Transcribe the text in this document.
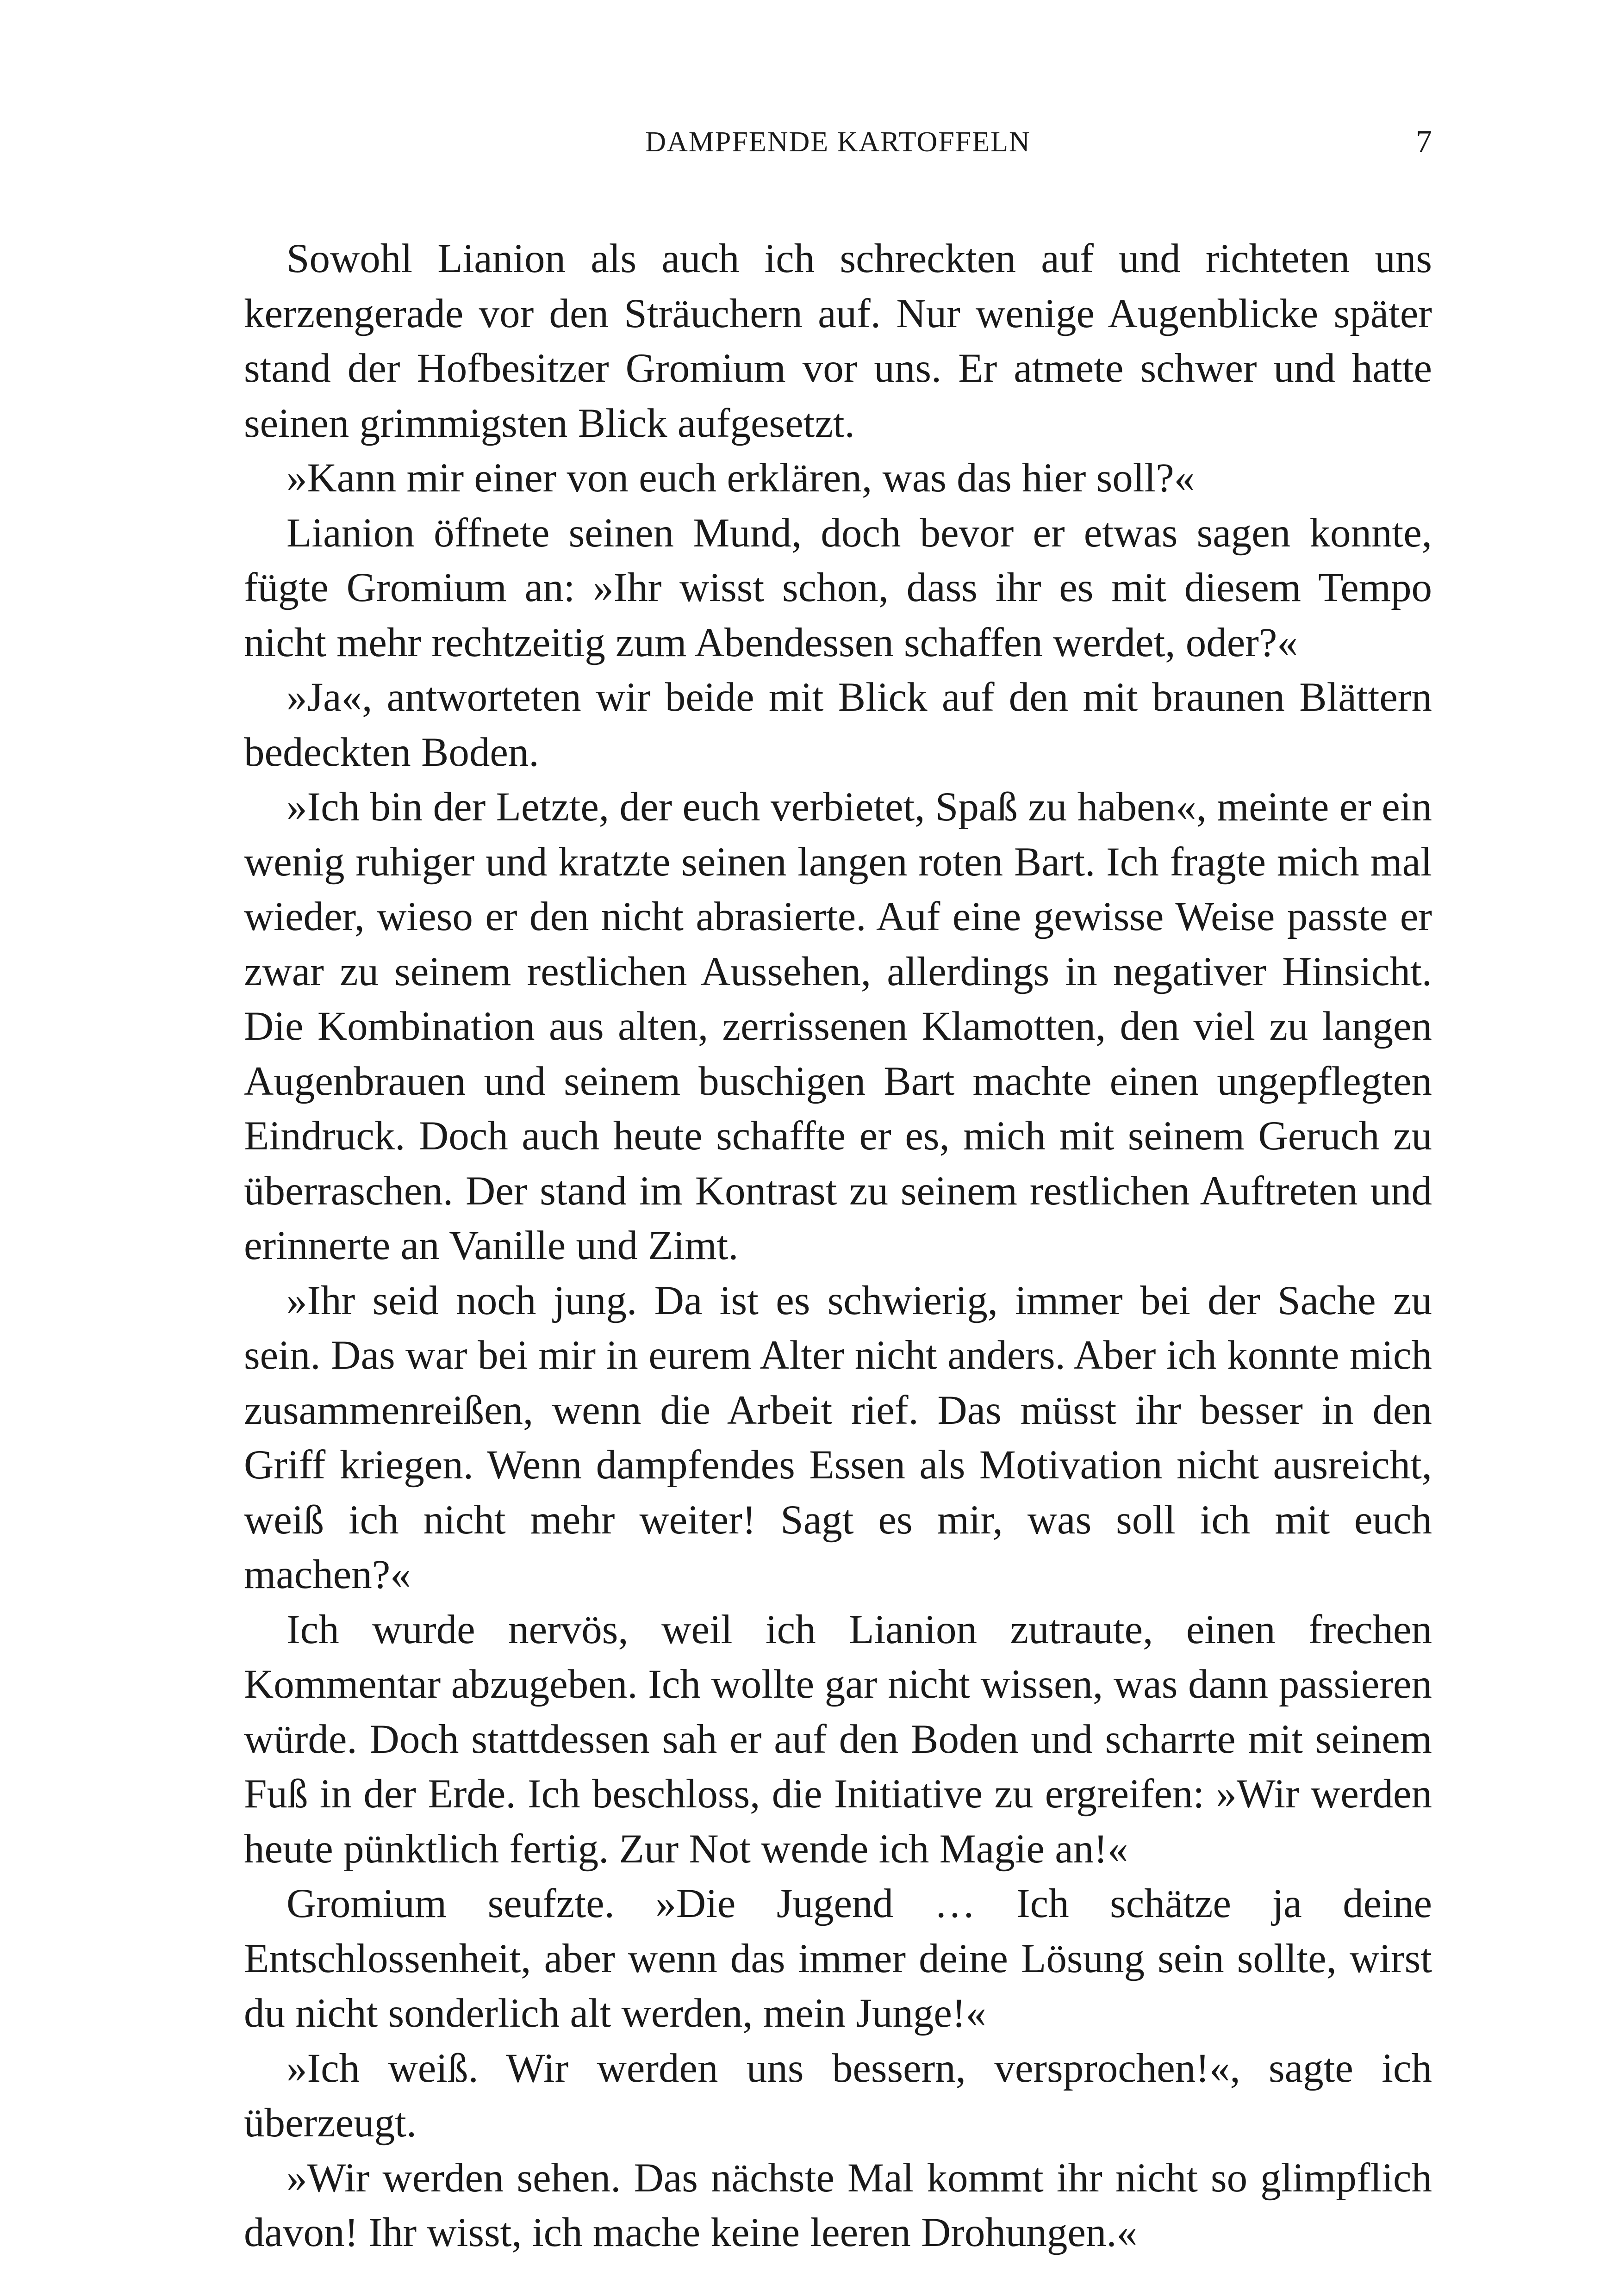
DAMPFENDE KARTOFFELN	7

Sowohl Lianion als auch ich schreckten auf und richteten uns kerzengerade vor den Sträuchern auf. Nur wenige Augenblicke später stand der Hofbesitzer Gromium vor uns. Er atmete schwer und hatte seinen grimmigsten Blick aufgesetzt.

»Kann mir einer von euch erklären, was das hier soll?«

Lianion öffnete seinen Mund, doch bevor er etwas sagen konnte, fügte Gromium an: »Ihr wisst schon, dass ihr es mit diesem Tempo nicht mehr rechtzeitig zum Abendessen schaffen werdet, oder?«

»Ja«, antworteten wir beide mit Blick auf den mit braunen Blättern bedeckten Boden.

»Ich bin der Letzte, der euch verbietet, Spaß zu haben«, meinte er ein wenig ruhiger und kratzte seinen langen roten Bart. Ich fragte mich mal wieder, wieso er den nicht abrasierte. Auf eine gewisse Weise passte er zwar zu seinem restlichen Aussehen, allerdings in negativer Hinsicht. Die Kombination aus alten, zerrissenen Klamotten, den viel zu langen Augenbrauen und seinem buschigen Bart machte einen ungepflegten Eindruck. Doch auch heute schaffte er es, mich mit seinem Geruch zu überraschen. Der stand im Kontrast zu seinem restlichen Auftreten und erinnerte an Vanille und Zimt.

»Ihr seid noch jung. Da ist es schwierig, immer bei der Sache zu sein. Das war bei mir in eurem Alter nicht anders. Aber ich konnte mich zusammenreißen, wenn die Arbeit rief. Das müsst ihr besser in den Griff kriegen. Wenn dampfendes Essen als Motivation nicht ausreicht, weiß ich nicht mehr weiter! Sagt es mir, was soll ich mit euch machen?«

Ich wurde nervös, weil ich Lianion zutraute, einen frechen Kommentar abzugeben. Ich wollte gar nicht wissen, was dann passieren würde. Doch stattdessen sah er auf den Boden und scharrte mit seinem Fuß in der Erde. Ich beschloss, die Initiative zu ergreifen: »Wir werden heute pünktlich fertig. Zur Not wende ich Magie an!«

Gromium seufzte. »Die Jugend … Ich schätze ja deine Entschlossenheit, aber wenn das immer deine Lösung sein sollte, wirst du nicht sonderlich alt werden, mein Junge!«

»Ich weiß. Wir werden uns bessern, versprochen!«, sagte ich überzeugt.

»Wir werden sehen. Das nächste Mal kommt ihr nicht so glimpflich davon! Ihr wisst, ich mache keine leeren Drohungen.«
